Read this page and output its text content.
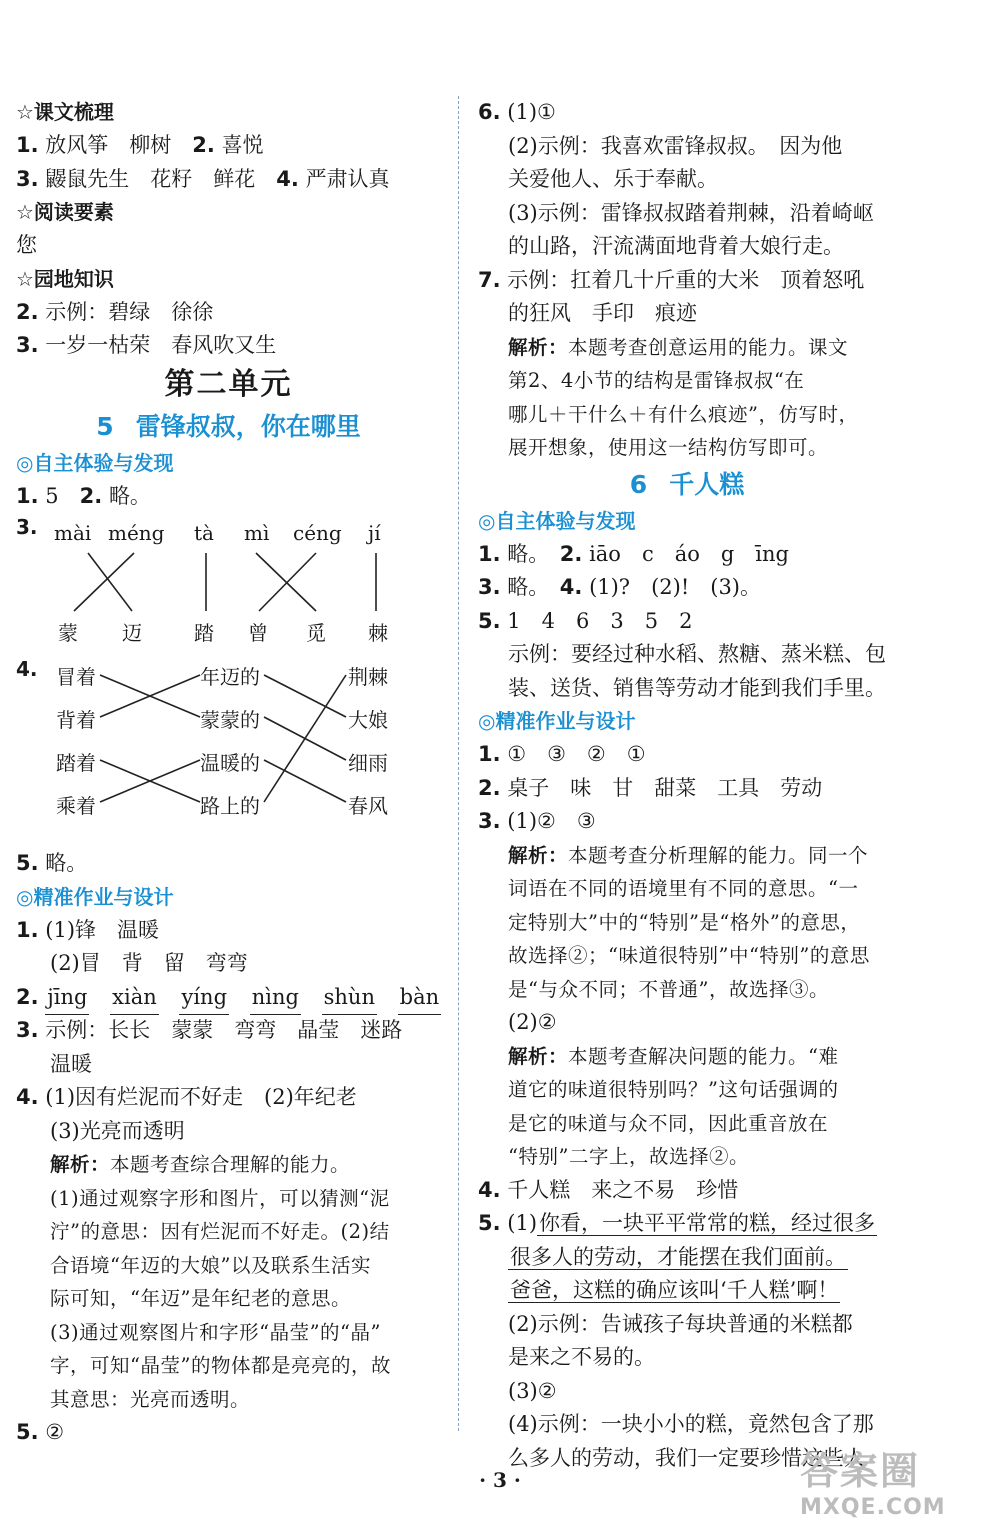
☆课文梳理
1. 放风筝　柳树　2. 喜悦
3. 鼹鼠先生　花籽　鲜花　4. 严肃认真
☆阅读要素
您
☆园地知识
2. 示例：碧绿　徐徐
3. 一岁一枯荣　春风吹又生
第二单元
5 雷锋叔叔，你在哪里
◎自主体验与发现
1. 5　2. 略。
3. mài méng tà mì céng jí
蒙 迈	踏 曾 觅 棘
4. 冒着
背着
踏着
乘着
年迈的
蒙蒙的
温暖的
路上的
荆棘
大娘
细雨
春风
5. 略。
◎精准作业与设计
1. (1)锋　温暖
(2)冒　背　留　弯弯
2. jīng xiàn yíng nìng shùn bàn
3. 示例：长长　蒙蒙　弯弯　晶莹　迷路
温暖
4. (1)因有烂泥而不好走　(2)年纪老
(3)光亮而透明
解析：本题考查综合理解的能力。
(1)通过观察字形和图片，可以猜测“泥
泞”的意思：因有烂泥而不好走。(2)结
合语境“年迈的大娘”以及联系生活实
际可知，“年迈”是年纪老的意思。
(3)通过观察图片和字形“晶莹”的“晶”
字，可知“晶莹”的物体都是亮亮的，故
其意思：光亮而透明。
5. ②
6. (1)①
(2)示例：我喜欢雷锋叔叔。　因为他
关爱他人、乐于奉献。
(3)示例：雷锋叔叔踏着荆棘，沿着崎岖
的山路，汗流满面地背着大娘行走。
7. 示例：扛着几十斤重的大米　顶着怒吼
的狂风　手印　痕迹
解析：本题考查创意运用的能力。课文
第2、4小节的结构是雷锋叔叔“在
哪儿＋干什么＋有什么痕迹”，仿写时，
展开想象，使用这一结构仿写即可。
6 千人糕
◎自主体验与发现
1. 略。　2. iāo　c　áo　g　īng
3. 略。　4. (1)?　(2)!　(3)。
5. 1　4　6　3　5　2
示例：要经过种水稻、熬糖、蒸米糕、包
装、送货、销售等劳动才能到我们手里。
◎精准作业与设计
1. ①　③　②　①
2. 桌子　味　甘　甜菜　工具　劳动
3. (1)②　③
解析：本题考查分析理解的能力。同一个
词语在不同的语境里有不同的意思。“一
定特别大”中的“特别”是“格外”的意思，
故选择②；“味道很特别”中“特别”的意思
是“与众不同；不普通”，故选择③。
(2)②
解析：本题考查解决问题的能力。“难
道它的味道很特别吗？”这句话强调的
是它的味道与众不同，因此重音放在
“特别”二字上，故选择②。
4. 千人糕　来之不易　珍惜
5. (1)你看，一块平平常常的糕，经过很多
很多人的劳动，才能摆在我们面前。
爸爸，这糕的确应该叫‘千人糕’啊！
(2)示例：告诫孩子每块普通的米糕都
是来之不易的。
(3)②
(4)示例：一块小小的糕，竟然包含了那
么多人的劳动，我们一定要珍惜这些人
· 3 ·	答案圈
MXQE.COM
